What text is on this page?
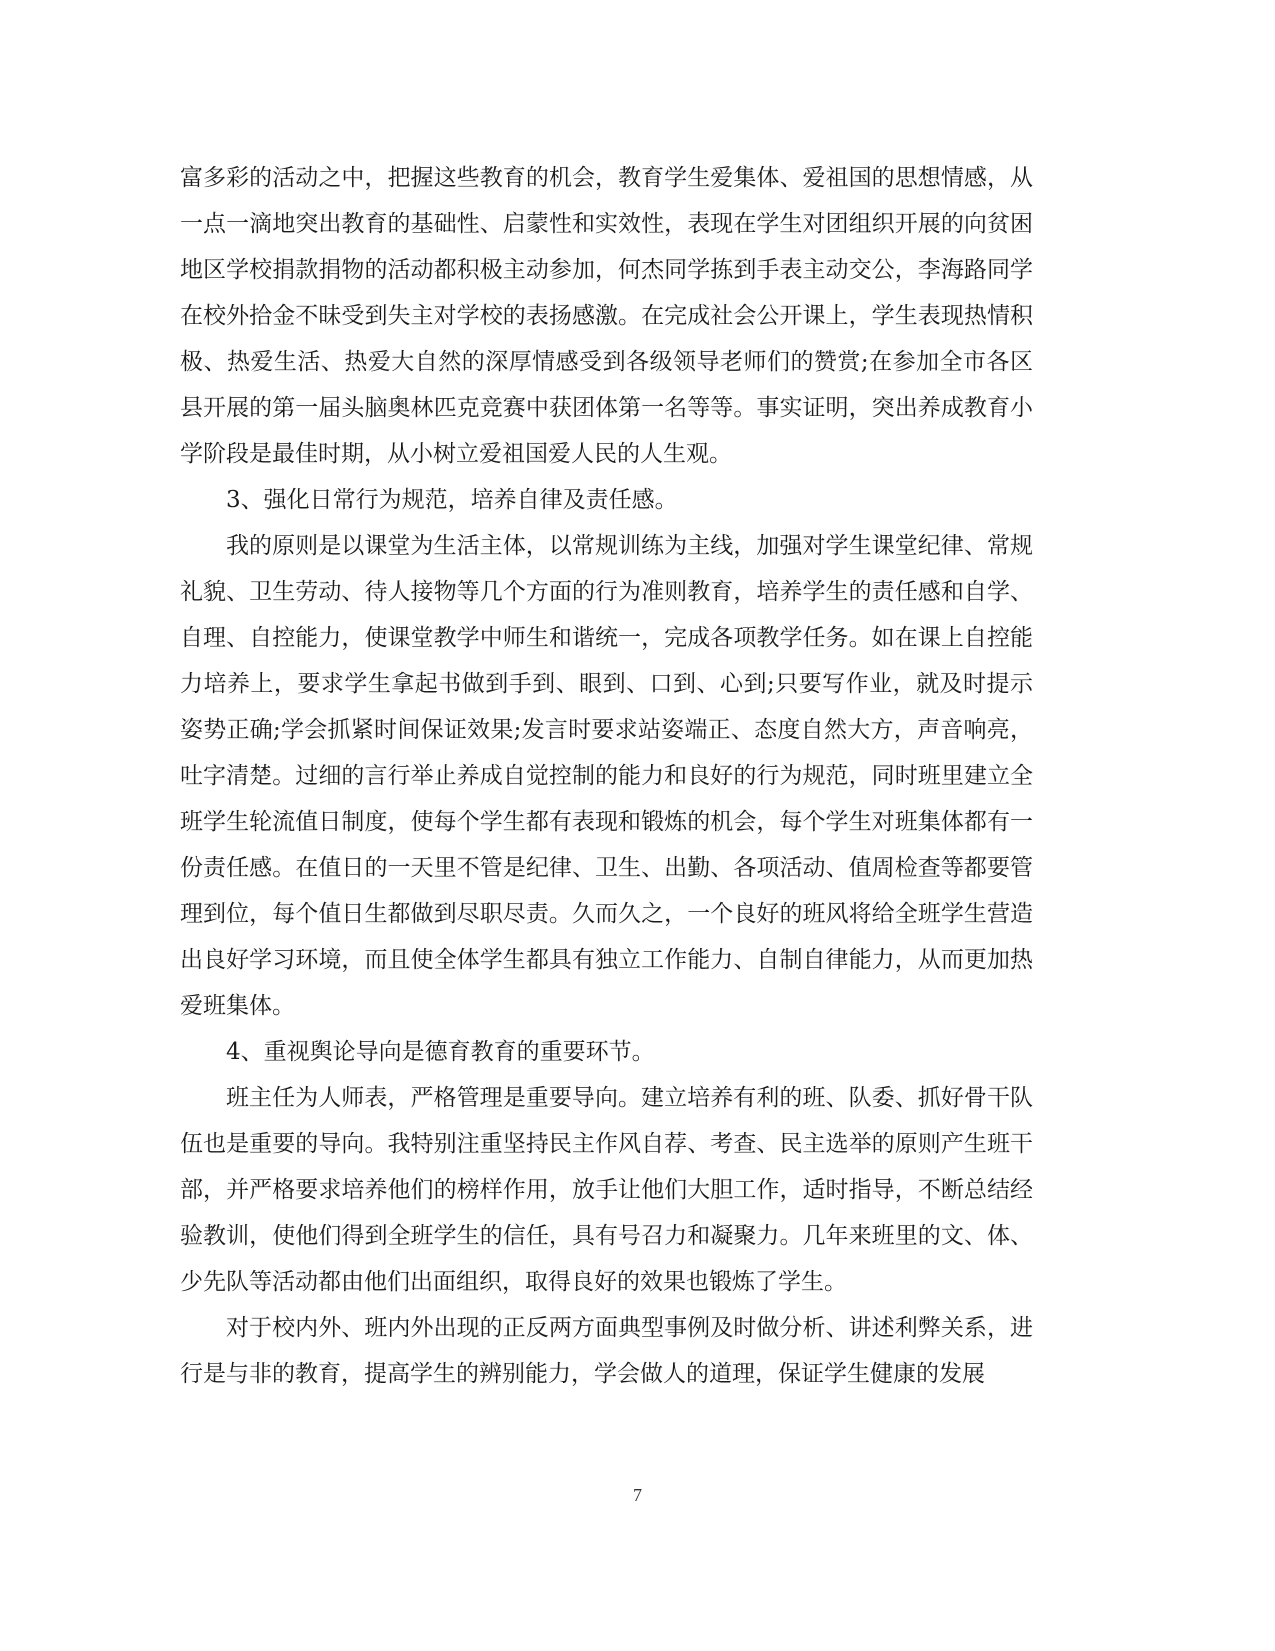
富多彩的活动之中，把握这些教育的机会，教育学生爱集体、爱祖国的思想情感，从一点一滴地突出教育的基础性、启蒙性和实效性，表现在学生对团组织开展的向贫困地区学校捐款捐物的活动都积极主动参加，何杰同学拣到手表主动交公，李海路同学在校外拾金不昧受到失主对学校的表扬感激。在完成社会公开课上，学生表现热情积极、热爱生活、热爱大自然的深厚情感受到各级领导老师们的赞赏;在参加全市各区县开展的第一届头脑奥林匹克竞赛中获团体第一名等等。事实证明，突出养成教育小学阶段是最佳时期，从小树立爱祖国爱人民的人生观。

3、强化日常行为规范，培养自律及责任感。

我的原则是以课堂为生活主体，以常规训练为主线，加强对学生课堂纪律、常规礼貌、卫生劳动、待人接物等几个方面的行为准则教育，培养学生的责任感和自学、自理、自控能力，使课堂教学中师生和谐统一，完成各项教学任务。如在课上自控能力培养上，要求学生拿起书做到手到、眼到、口到、心到;只要写作业，就及时提示姿势正确;学会抓紧时间保证效果;发言时要求站姿端正、态度自然大方，声音响亮，吐字清楚。过细的言行举止养成自觉控制的能力和良好的行为规范，同时班里建立全班学生轮流值日制度，使每个学生都有表现和锻炼的机会，每个学生对班集体都有一份责任感。在值日的一天里不管是纪律、卫生、出勤、各项活动、值周检查等都要管理到位，每个值日生都做到尽职尽责。久而久之，一个良好的班风将给全班学生营造出良好学习环境，而且使全体学生都具有独立工作能力、自制自律能力，从而更加热爱班集体。

4、重视舆论导向是德育教育的重要环节。

班主任为人师表，严格管理是重要导向。建立培养有利的班、队委、抓好骨干队伍也是重要的导向。我特别注重坚持民主作风自荐、考查、民主选举的原则产生班干部，并严格要求培养他们的榜样作用，放手让他们大胆工作，适时指导，不断总结经验教训，使他们得到全班学生的信任，具有号召力和凝聚力。几年来班里的文、体、少先队等活动都由他们出面组织，取得良好的效果也锻炼了学生。

对于校内外、班内外出现的正反两方面典型事例及时做分析、讲述利弊关系，进行是与非的教育，提高学生的辨别能力，学会做人的道理，保证学生健康的发展

7
